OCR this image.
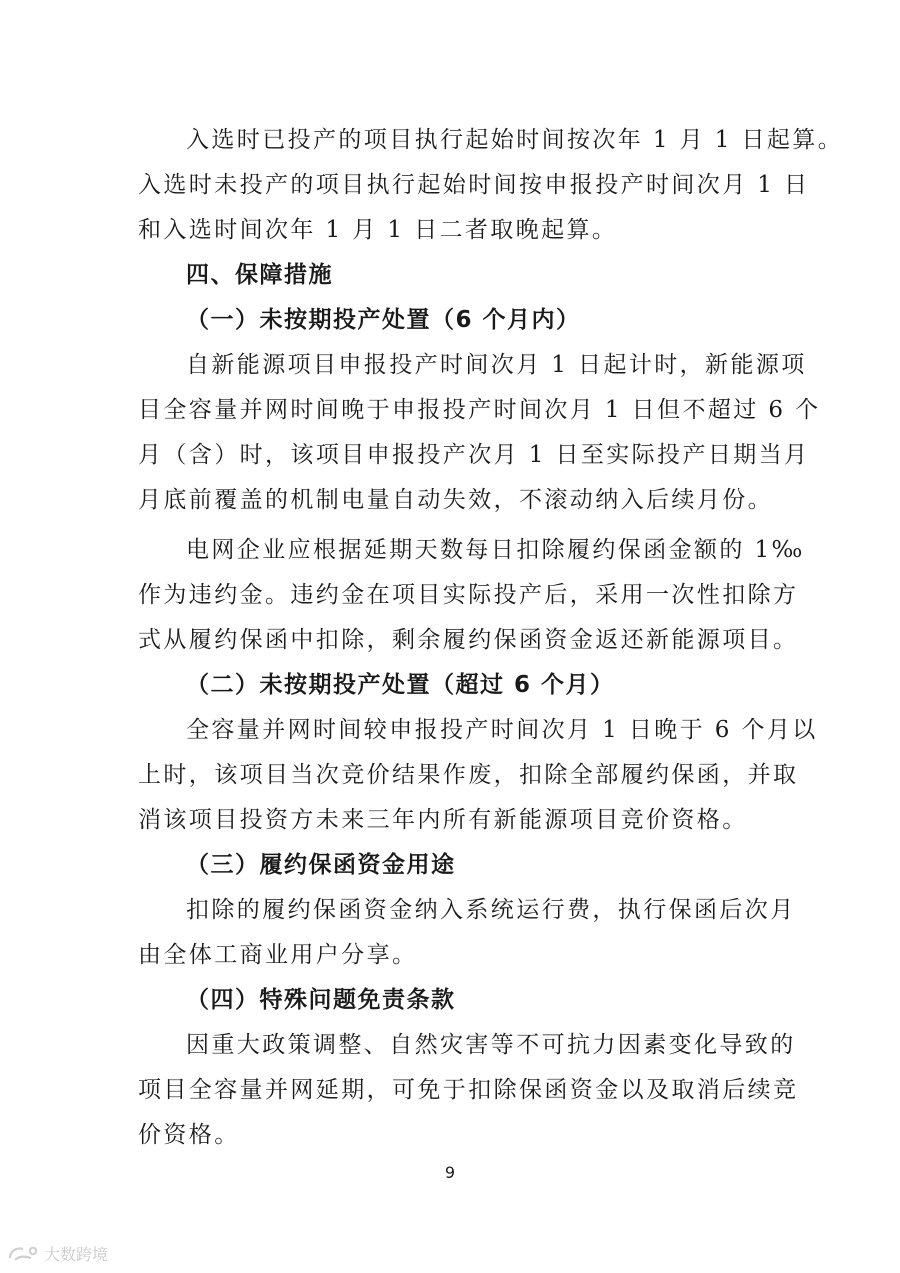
入选时已投产的项目执行起始时间按次年 1 月 1 日起算。
入选时未投产的项目执行起始时间按申报投产时间次月 1 日
和入选时间次年 1 月 1 日二者取晚起算。
四、保障措施
（一）未按期投产处置（6 个月内）
自新能源项目申报投产时间次月 1 日起计时，新能源项
目全容量并网时间晚于申报投产时间次月 1 日但不超过 6 个
月（含）时，该项目申报投产次月 1 日至实际投产日期当月
月底前覆盖的机制电量自动失效，不滚动纳入后续月份。
电网企业应根据延期天数每日扣除履约保函金额的 1‰
作为违约金。违约金在项目实际投产后，采用一次性扣除方
式从履约保函中扣除，剩余履约保函资金返还新能源项目。
（二）未按期投产处置（超过 6 个月）
全容量并网时间较申报投产时间次月 1 日晚于 6 个月以
上时，该项目当次竞价结果作废，扣除全部履约保函，并取
消该项目投资方未来三年内所有新能源项目竞价资格。
（三）履约保函资金用途
扣除的履约保函资金纳入系统运行费，执行保函后次月
由全体工商业用户分享。
（四）特殊问题免责条款
因重大政策调整、自然灾害等不可抗力因素变化导致的
项目全容量并网延期，可免于扣除保函资金以及取消后续竞
价资格。
9
大数跨境
